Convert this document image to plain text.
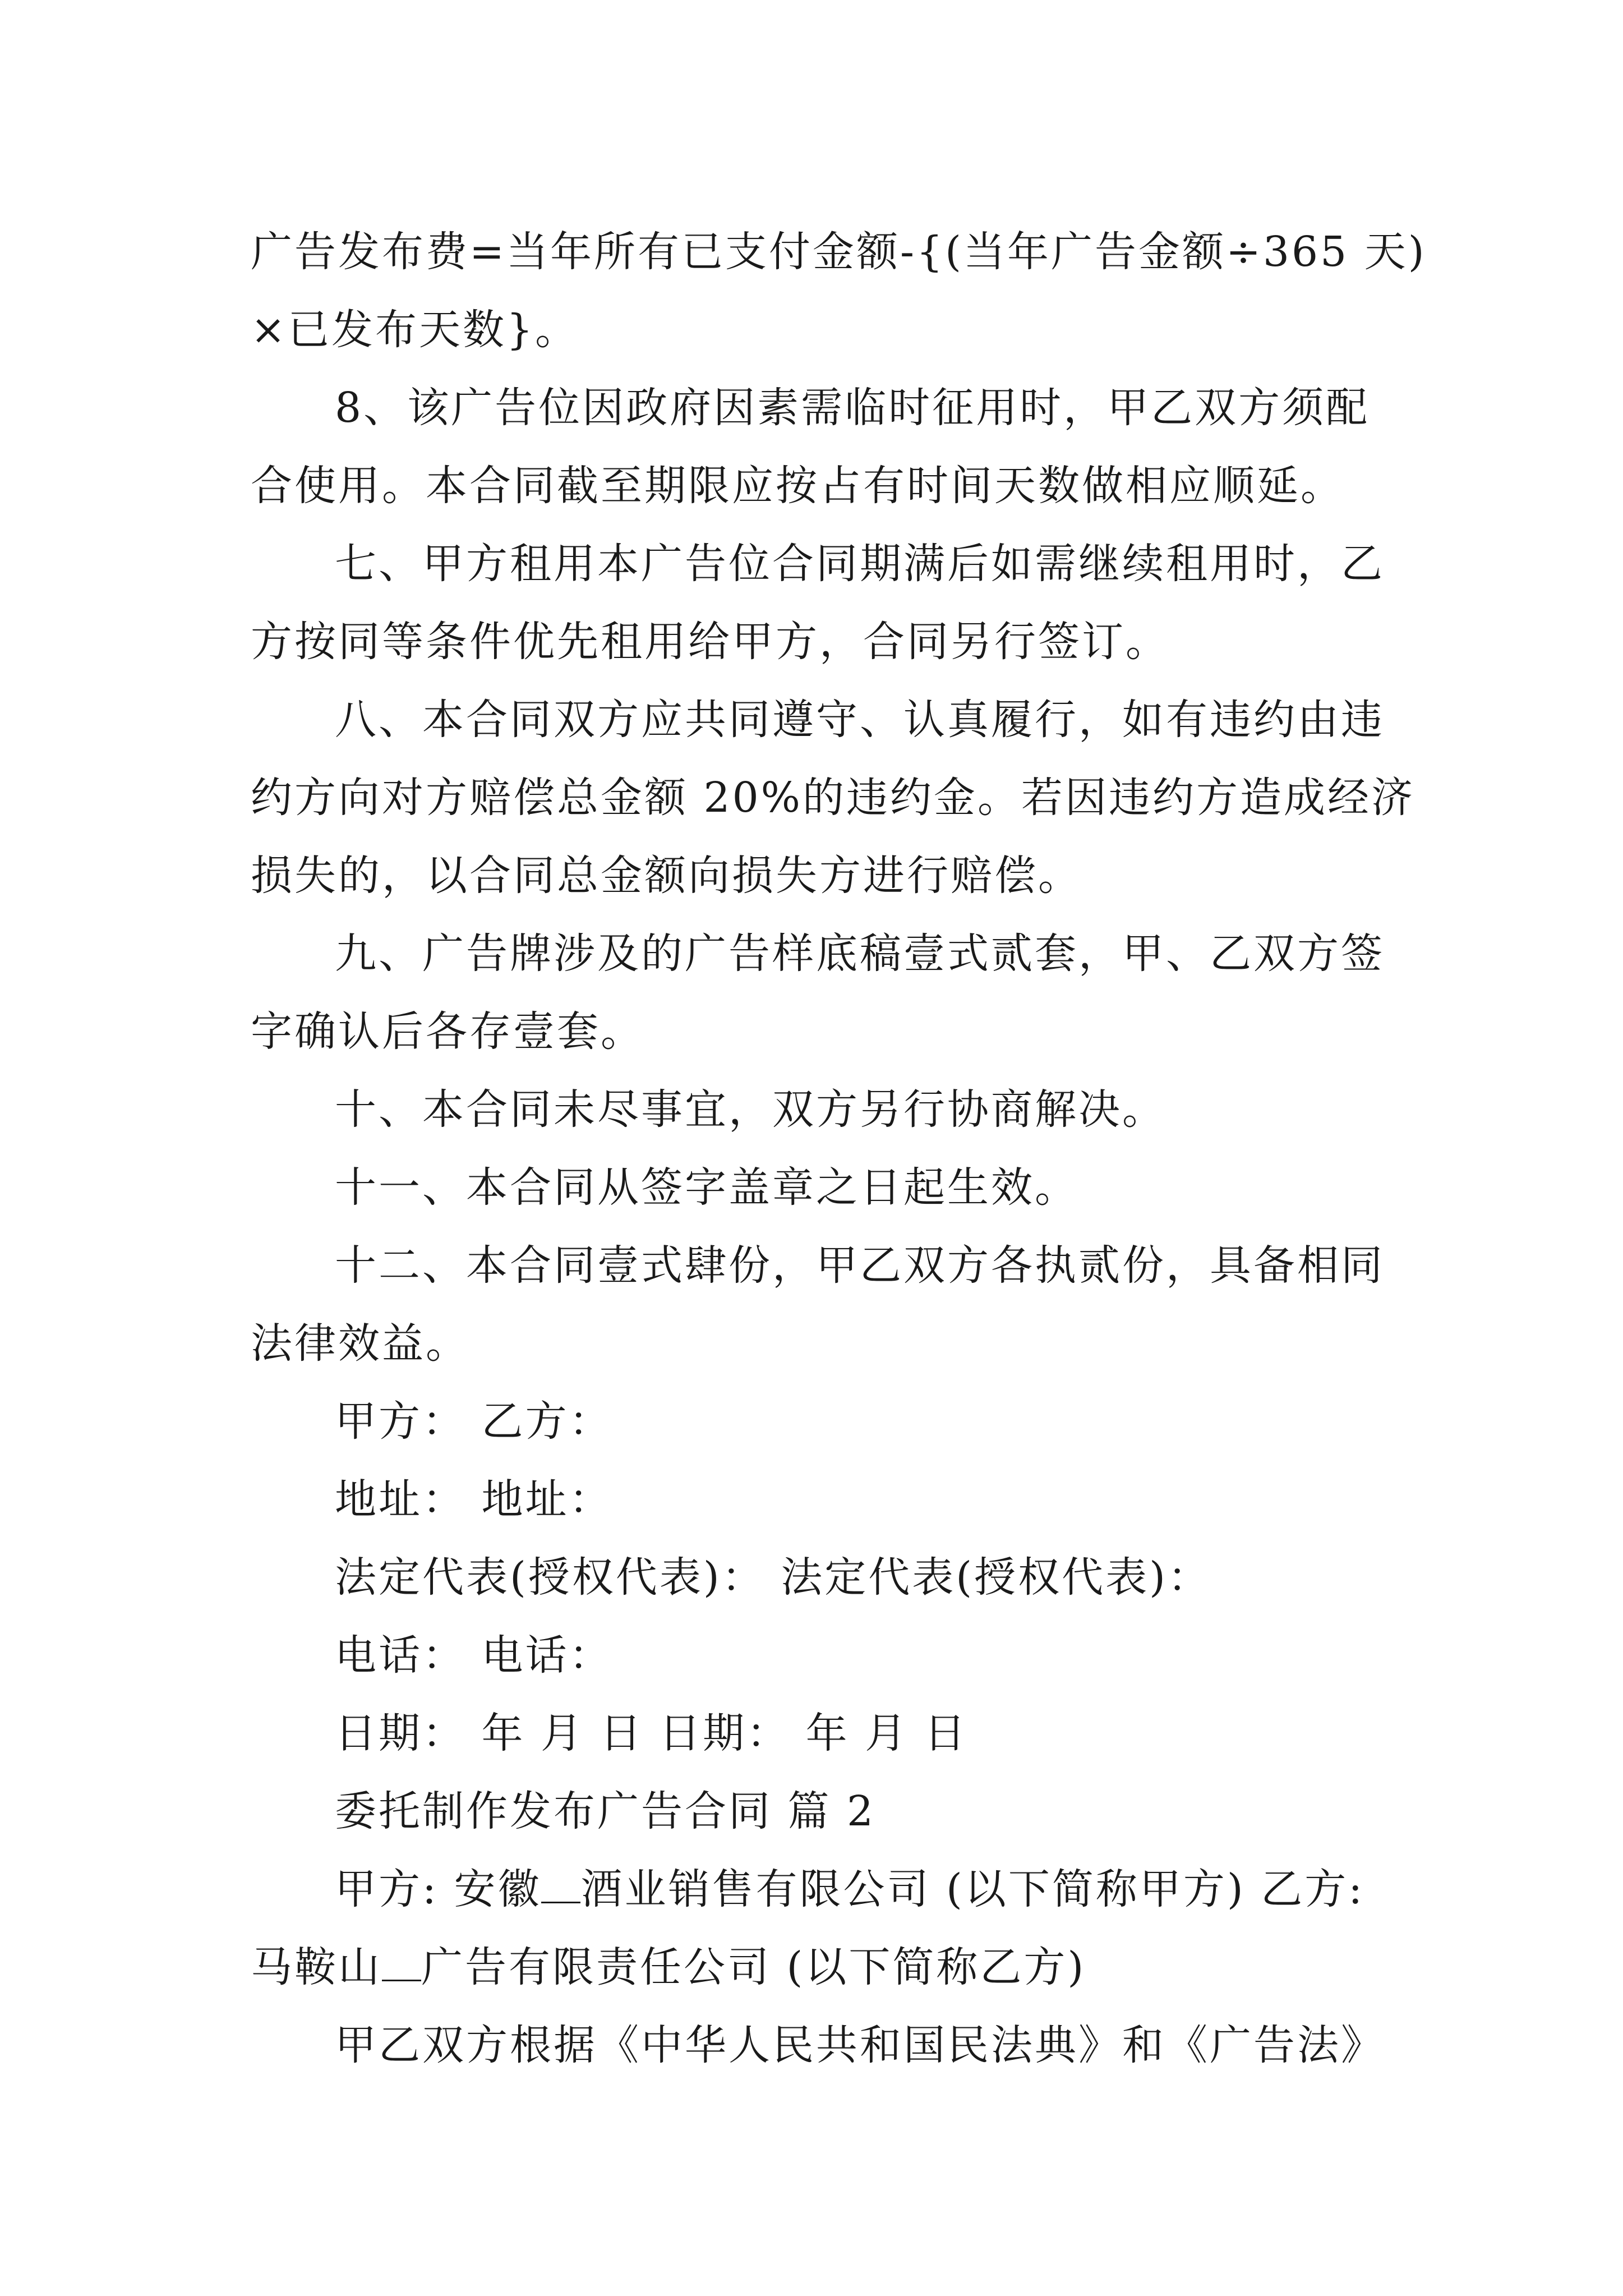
广告发布费=当年所有已支付金额-{(当年广告金额÷365 天)
×已发布天数}。
8、该广告位因政府因素需临时征用时，甲乙双方须配
合使用。本合同截至期限应按占有时间天数做相应顺延。
七、甲方租用本广告位合同期满后如需继续租用时，乙
方按同等条件优先租用给甲方，合同另行签订。
八、本合同双方应共同遵守、认真履行，如有违约由违
约方向对方赔偿总金额 20%的违约金。若因违约方造成经济
损失的，以合同总金额向损失方进行赔偿。
九、广告牌涉及的广告样底稿壹式贰套，甲、乙双方签
字确认后各存壹套。
十、本合同未尽事宜，双方另行协商解决。
十一、本合同从签字盖章之日起生效。
十二、本合同壹式肆份，甲乙双方各执贰份，具备相同
法律效益。
甲方： 乙方：
地址： 地址：
法定代表(授权代表)： 法定代表(授权代表)：
电话： 电话：
日期： 年 月 日 日期： 年 月 日
委托制作发布广告合同 篇 2
甲方: 安徽 酒业销售有限公司 (以下简称甲方) 乙方:
马鞍山 广告有限责任公司 (以下简称乙方)
甲乙双方根据《中华人民共和国民法典》和《广告法》
